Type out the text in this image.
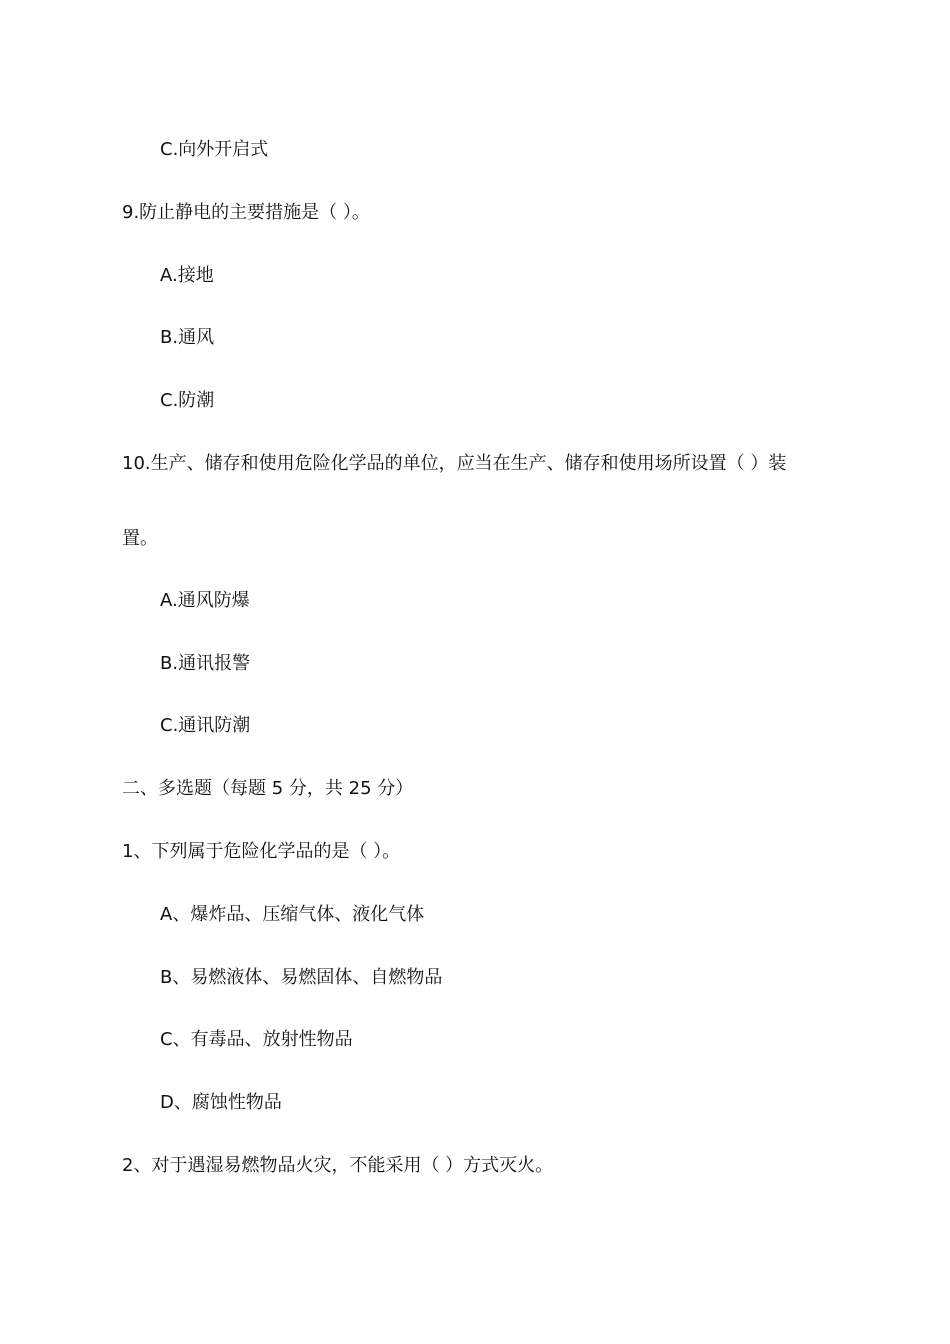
C.向外开启式
9.防止静电的主要措施是（ ）。
A.接地
B.通风
C.防潮
10.生产、储存和使用危险化学品的单位，应当在生产、储存和使用场所设置（ ）装
置。
A.通风防爆
B.通讯报警
C.通讯防潮
二、多选题（每题 5 分，共 25 分）
1、下列属于危险化学品的是（ ）。
A、爆炸品、压缩气体、液化气体
B、易燃液体、易燃固体、自燃物品
C、有毒品、放射性物品
D、腐蚀性物品
2、对于遇湿易燃物品火灾，不能采用（ ）方式灭火。
